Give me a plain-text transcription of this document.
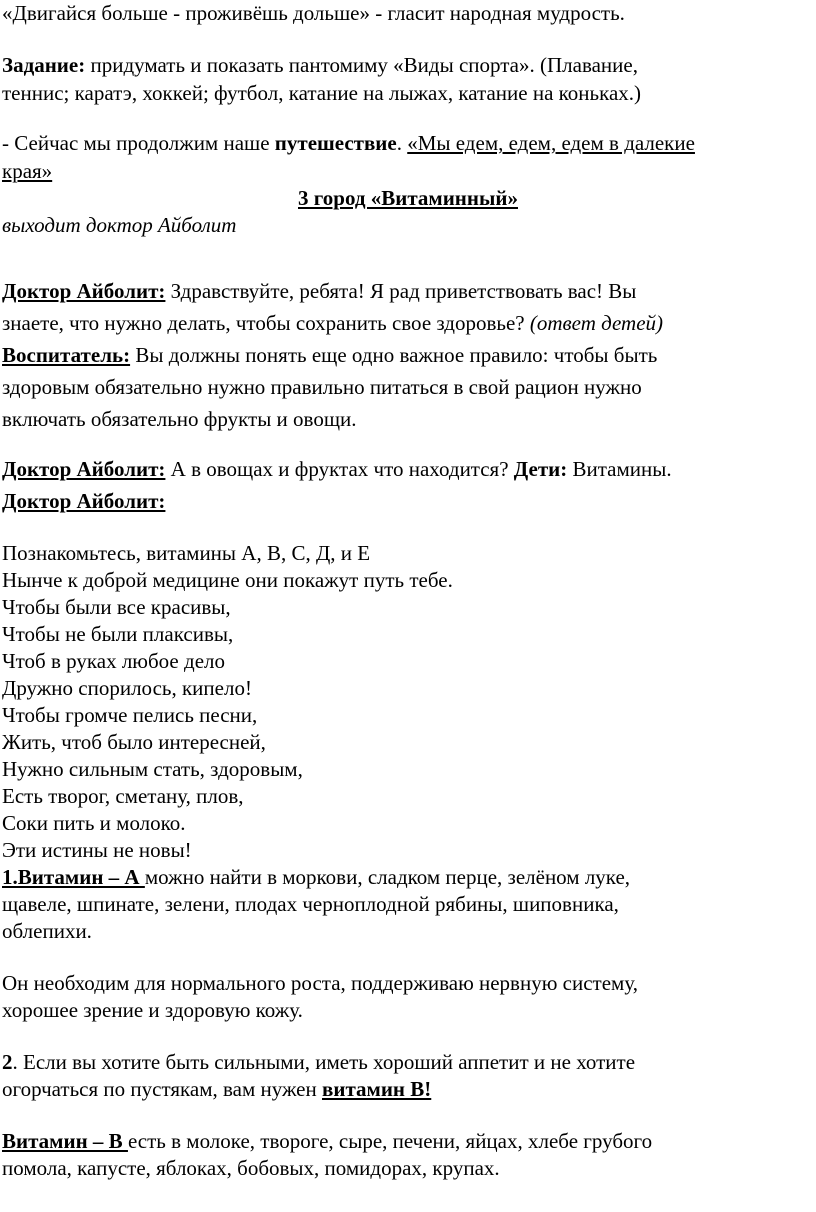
«Двигайся больше - проживёшь дольше» - гласит народная мудрость.
Задание: придумать и показать пантомиму «Виды спорта». (Плавание,
теннис; каратэ, хоккей; футбол, катание на лыжах, катание на коньках.)
- Сейчас мы продолжим наше путешествие. «Мы едем, едем, едем в далекие
края»
3 город «Витаминный»
выходит доктор Айболит
Доктор Айболит: Здравствуйте, ребята! Я рад приветствовать вас! Вы
знаете, что нужно делать, чтобы сохранить свое здоровье? (ответ детей)
Воспитатель: Вы должны понять еще одно важное правило: чтобы быть
здоровым обязательно нужно правильно питаться в свой рацион нужно
включать обязательно фрукты и овощи.
Доктор Айболит: А в овощах и фруктах что находится? Дети: Витамины.
Доктор Айболит:
Познакомьтесь, витамины А, В, С, Д, и Е
Нынче к доброй медицине они покажут путь тебе.
Чтобы были все красивы,
Чтобы не были плаксивы,
Чтоб в руках любое дело
Дружно спорилось, кипело!
Чтобы громче пелись песни,
Жить, чтоб было интересней,
Нужно сильным стать, здоровым,
Есть творог, сметану, плов,
Соки пить и молоко.
Эти истины не новы!
1.Витамин – А можно найти в моркови, сладком перце, зелёном луке,
щавеле, шпинате, зелени, плодах черноплодной рябины, шиповника,
облепихи.
Он необходим для нормального роста, поддерживаю нервную систему,
хорошее зрение и здоровую кожу.
2. Если вы хотите быть сильными, иметь хороший аппетит и не хотите
огорчаться по пустякам, вам нужен витамин В!
Витамин – В есть в молоке, твороге, сыре, печени, яйцах, хлебе грубого
помола, капусте, яблоках, бобовых, помидорах, крупах.
